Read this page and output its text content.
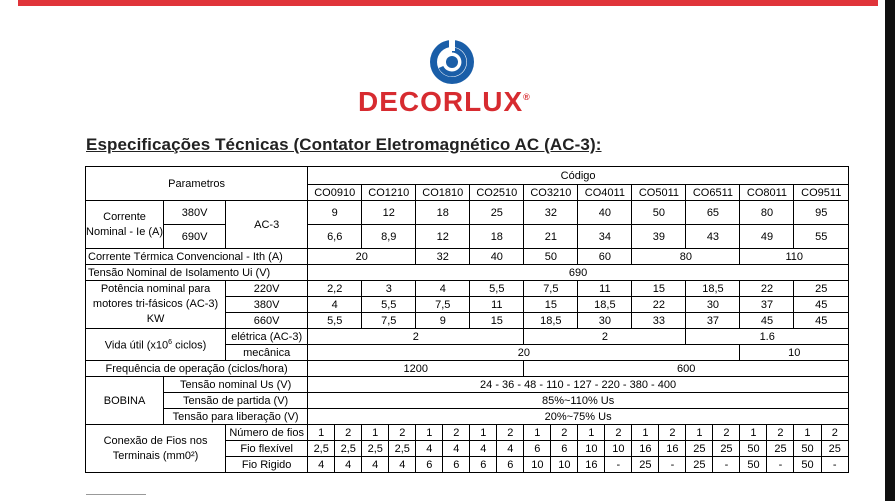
DECORLUX®
Especificações Técnicas (Contator Eletromagnético AC (AC-3):
Parametros			Código																			
			CO0910		CO1210		CO1810		CO2510		CO3210		CO4011		CO5011		CO6511		CO8011		CO9511	
Corrente Nominal - Ie (A)	380V	AC-3	9		12		18		25		32		40		50		65		80		95	
	690V		6,6		8,9		12		18		21		34		39		43		49		55	
Corrente Térmica Convencional - Ith (A)			20				32		40		50		60		80				110			
Tensão Nominal de Isolamento Ui (V)			690																			
Potência nominal para motores tri-fásicos (AC-3) KW		220V	2,2		3		4		5,5		7,5		11		15		18,5		22		25	
		380V	4		5,5		7,5		11		15		18,5		22		30		37		45	
		660V	5,5		7,5		9		15		18,5		30		33		37		45		45	
Vida útil ($x10^6$ ciclos)		elétrica (AC-3)	2								2						1.6					
		mecânica	20																10			
Frequência de operação (ciclos/hora)			1200								600											
BOBINA	Tensão nominal Us (V)		24 - 36 - 48 - 110 - 127 - 220 - 380 - 400																			
	Tensão de partida (V)		85%~110% Us																			
	Tensão para liberação (V)		20%~75% Us																			
Conexão de Fios nos Terminais (mm0²)		Número de fios	1	2	1	2	1	2	1	2	1	2	1	2	1	2	1	2	1	2	1	2
		Fio flexível	2,5	2,5	2,5	2,5	4	4	4	4	6	6	10	10	16	16	25	25	50	25	50	25
		Fio Rigido	4	4	4	4	6	6	6	6	10	10	16	-	25	-	25	-	50	-	50	-
